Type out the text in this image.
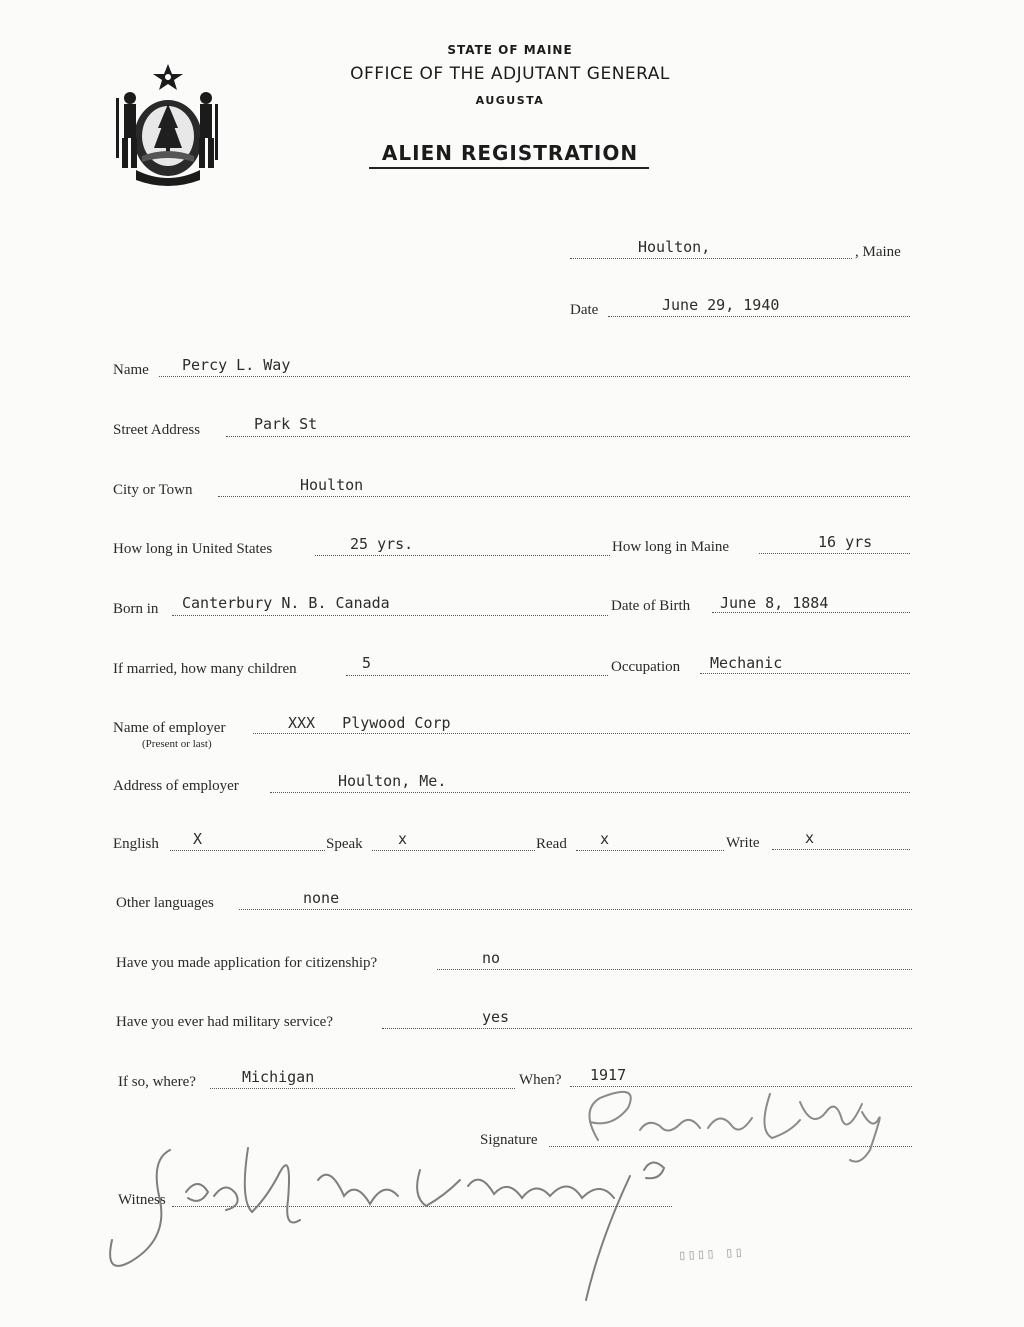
STATE OF MAINE
OFFICE OF THE ADJUTANT GENERAL
AUGUSTA
ALIEN REGISTRATION
Houlton,	, Maine
Date	June 29, 1940
Name Percy L. Way
Street Address	Park St
City or Town	Houlton
How long in United States	25 yrs.	How long in Maine	16 yrs
Born in Canterbury N. B. Canada	Date of Birth June 8, 1884
If married, how many children	5	Occupation Mechanic
Name of employer
(Present or last)
XXX   Plywood Corp
Address of employer	Houlton, Me.
English X	Speak x	Read x	Write	x
Other languages	none
Have you made application for citizenship?	no
Have you ever had military service?	yes
If so, where?	Michigan	When? 1917
Signature
Witness
▯▯▯▯ ▯▯
